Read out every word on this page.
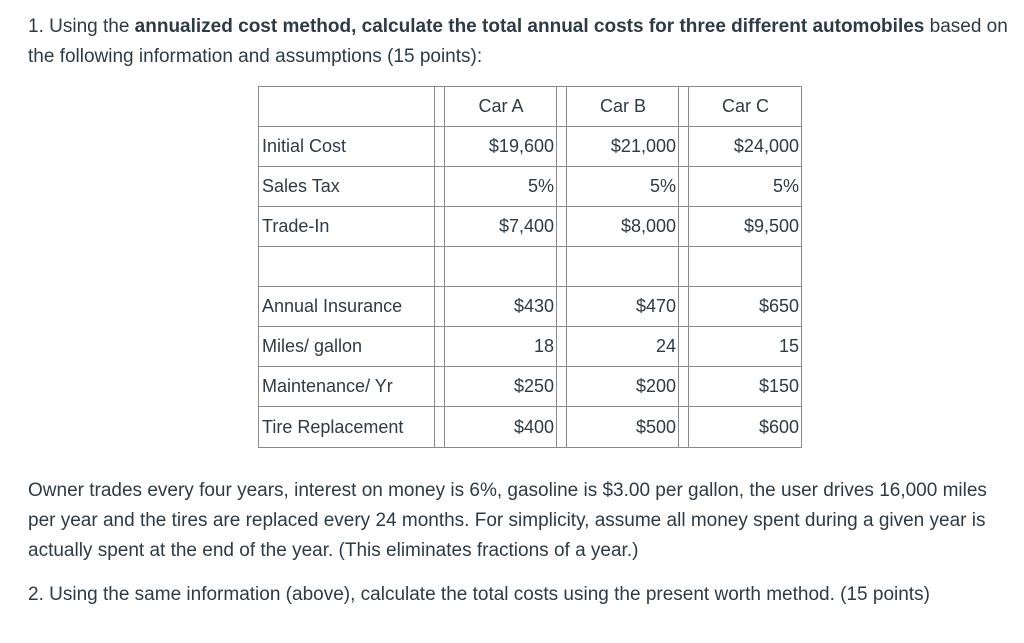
1. Using the annualized cost method, calculate the total annual costs for three different automobiles based on the following information and assumptions (15 points):

		Car A		Car B		Car C
Initial Cost		$19,600		$21,000		$24,000
Sales Tax		5%		5%		5%
Trade-In		$7,400		$8,000		$9,500

Annual Insurance		$430		$470		$650
Miles/ gallon		18		24		15
Maintenance/ Yr		$250		$200		$150
Tire Replacement		$400		$500		$600

Owner trades every four years, interest on money is 6%, gasoline is $3.00 per gallon, the user drives 16,000 miles per year and the tires are replaced every 24 months. For simplicity, assume all money spent during a given year is actually spent at the end of the year. (This eliminates fractions of a year.)

2. Using the same information (above), calculate the total costs using the present worth method. (15 points)
